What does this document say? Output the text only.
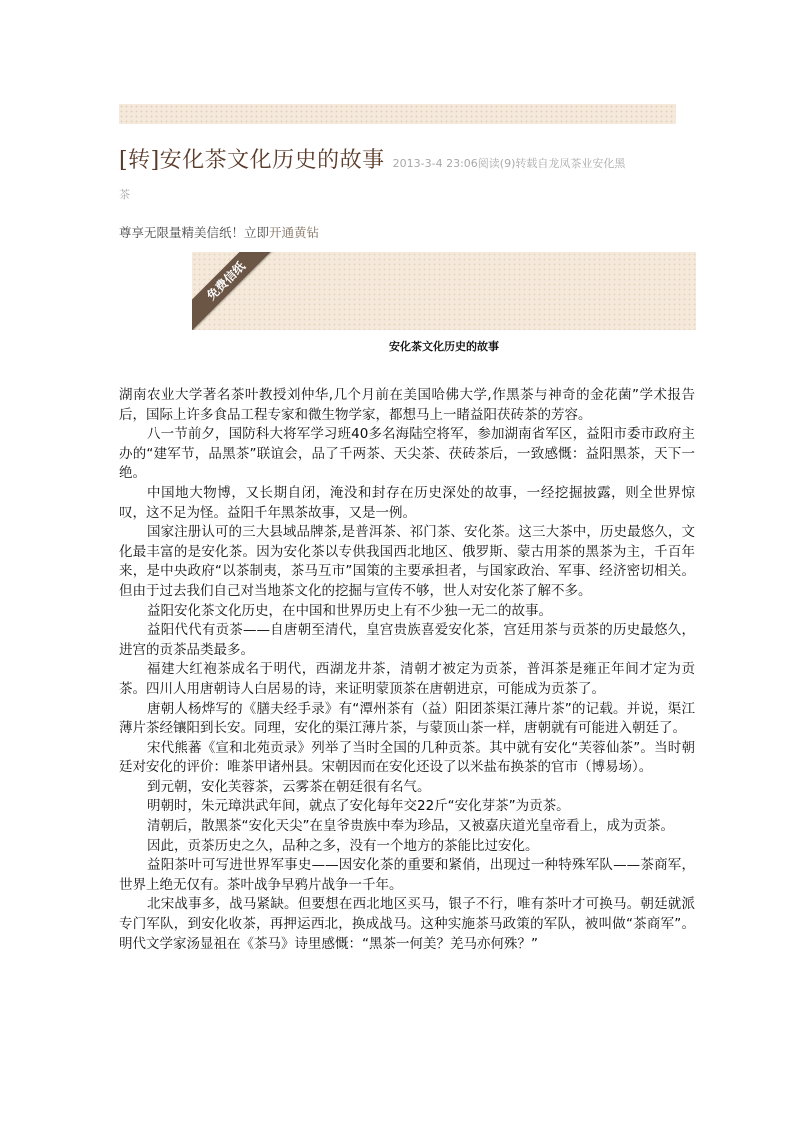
[转]安化茶文化历史的故事 2013-3-4 23:06阅读(9)转载自龙凤茶业安化黑
茶
尊享无限量精美信纸！立即开通黄钻
免费信纸
安化茶文化历史的故事

湖南农业大学著名茶叶教授刘仲华,几个月前在美国哈佛大学,作黑茶与神奇的金花菌”学术报告后，国际上许多食品工程专家和微生物学家，都想马上一睹益阳茯砖茶的芳容。

八一节前夕，国防科大将军学习班40多名海陆空将军，参加湖南省军区，益阳市委市政府主办的“建军节，品黑茶”联谊会，品了千两茶、天尖茶、茯砖茶后，一致感慨：益阳黑茶，天下一绝。

中国地大物博，又长期自闭，淹没和封存在历史深处的故事，一经挖掘披露，则全世界惊叹，这不足为怪。益阳千年黑茶故事，又是一例。

国家注册认可的三大县域品牌茶,是普洱茶、祁门茶、安化茶。这三大茶中，历史最悠久，文化最丰富的是安化茶。因为安化茶以专供我国西北地区、俄罗斯、蒙古用茶的黑茶为主，千百年来，是中央政府“以茶制夷，茶马互市”国策的主要承担者，与国家政治、军事、经济密切相关。但由于过去我们自己对当地茶文化的挖掘与宣传不够，世人对安化茶了解不多。

益阳安化茶文化历史，在中国和世界历史上有不少独一无二的故事。

益阳代代有贡茶——自唐朝至清代，皇宫贵族喜爱安化茶，宫廷用茶与贡茶的历史最悠久，进宫的贡茶品类最多。

福建大红袍茶成名于明代，西湖龙井茶，清朝才被定为贡茶，普洱茶是雍正年间才定为贡茶。四川人用唐朝诗人白居易的诗，来证明蒙顶茶在唐朝进京，可能成为贡茶了。

唐朝人杨烨写的《膳夫经手录》有“潭州茶有（益）阳团茶渠江薄片茶”的记载。并说，渠江薄片茶经镶阳到长安。同理，安化的渠江薄片茶，与蒙顶山茶一样，唐朝就有可能进入朝廷了。

宋代熊蕃《宣和北苑贡录》列举了当时全国的几种贡茶。其中就有安化“芙蓉仙茶”。当时朝廷对安化的评价：唯茶甲诸州县。宋朝因而在安化还设了以米盐布换茶的官市（博易场）。

到元朝，安化芙蓉茶，云雾茶在朝廷很有名气。

明朝时，朱元璋洪武年间，就点了安化每年交22斤“安化芽茶”为贡茶。

清朝后，散黑茶“安化天尖”在皇爷贵族中奉为珍品，又被嘉庆道光皇帝看上，成为贡茶。

因此，贡茶历史之久，品种之多，没有一个地方的茶能比过安化。

益阳茶叶可写进世界军事史——因安化茶的重要和紧俏，出现过一种特殊军队——茶商军，世界上绝无仅有。茶叶战争早鸦片战争一千年。

北宋战事多，战马紧缺。但要想在西北地区买马，银子不行，唯有茶叶才可换马。朝廷就派专门军队，到安化收茶，再押运西北，换成战马。这种实施茶马政策的军队，被叫做“茶商军”。 明代文学家汤显祖在《茶马》诗里感慨：“黑茶一何美？羌马亦何殊？”
